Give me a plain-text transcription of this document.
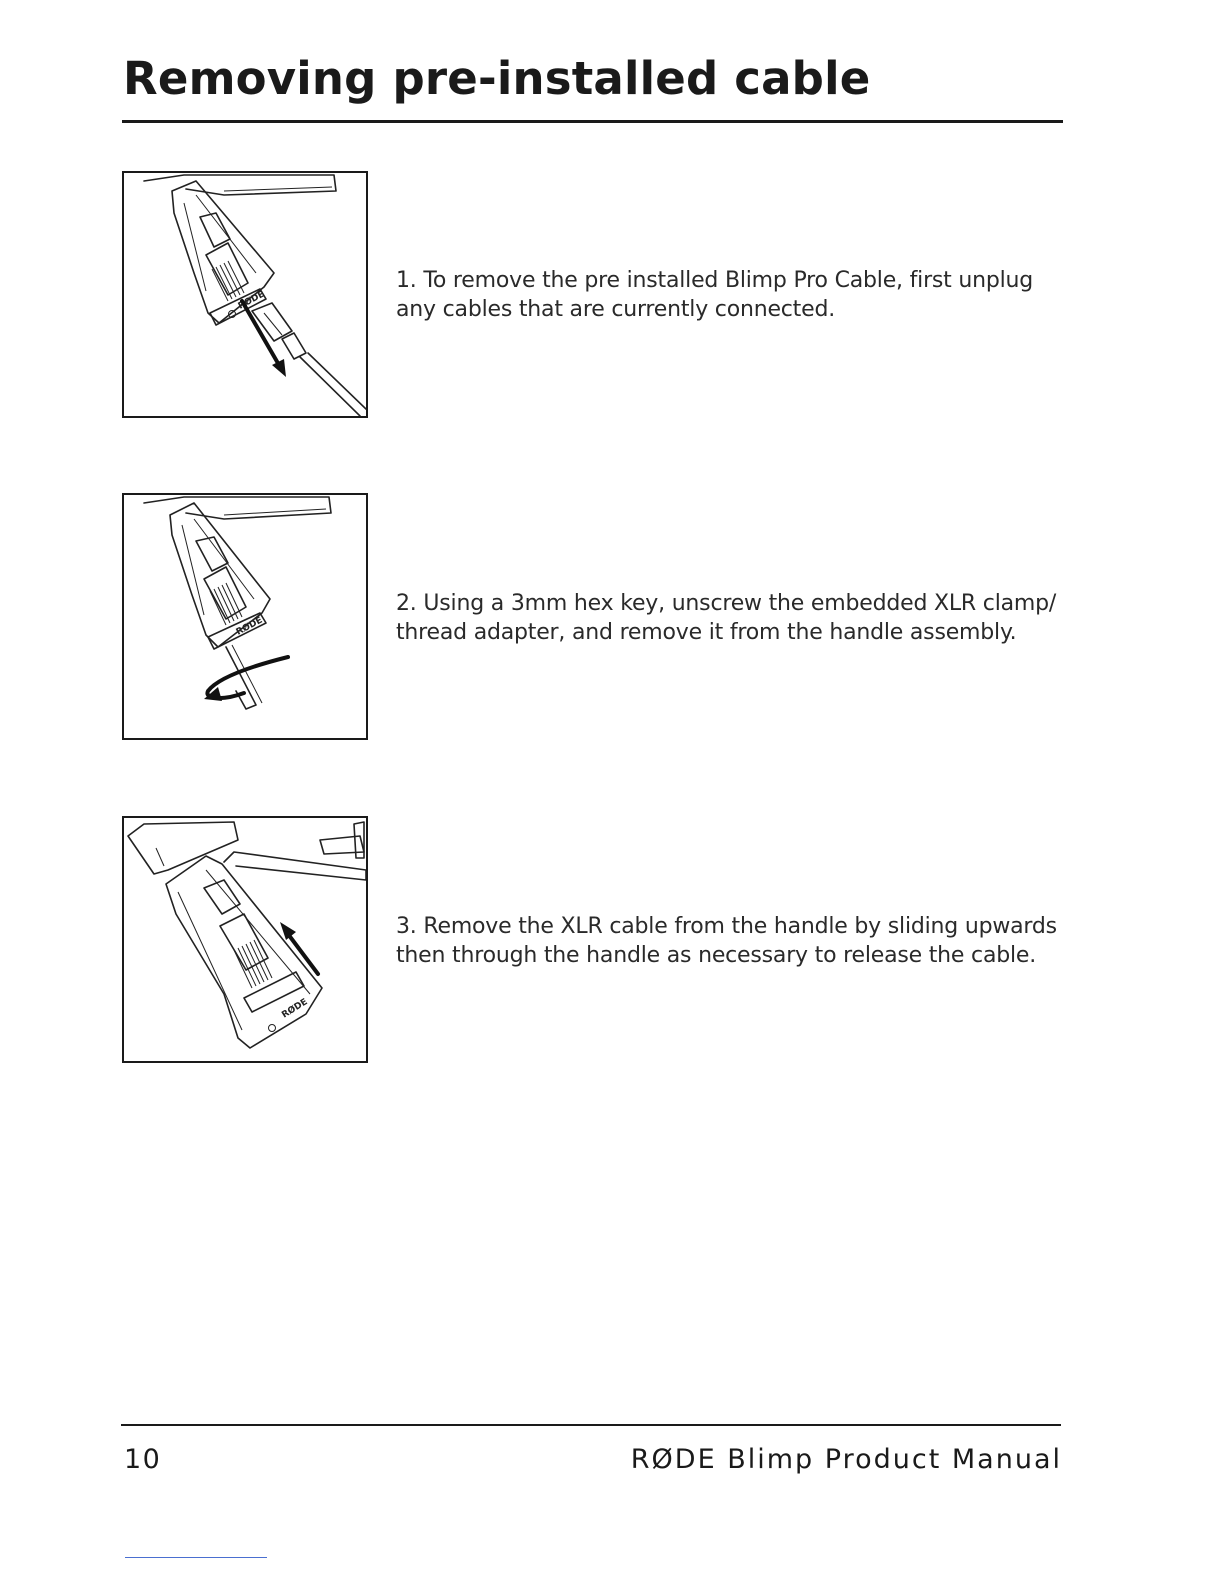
Removing pre-installed cable
RØDE

1. To remove the pre installed Blimp Pro Cable, first unplug any cables that are currently connected.

RØDE

2. Using a 3mm hex key, unscrew the embedded XLR clamp/ thread adapter, and remove it from the handle assembly.

RØDE

3. Remove the XLR cable from the handle by sliding upwards then through the handle as necessary to release the cable.

10	RØDE Blimp Product Manual
